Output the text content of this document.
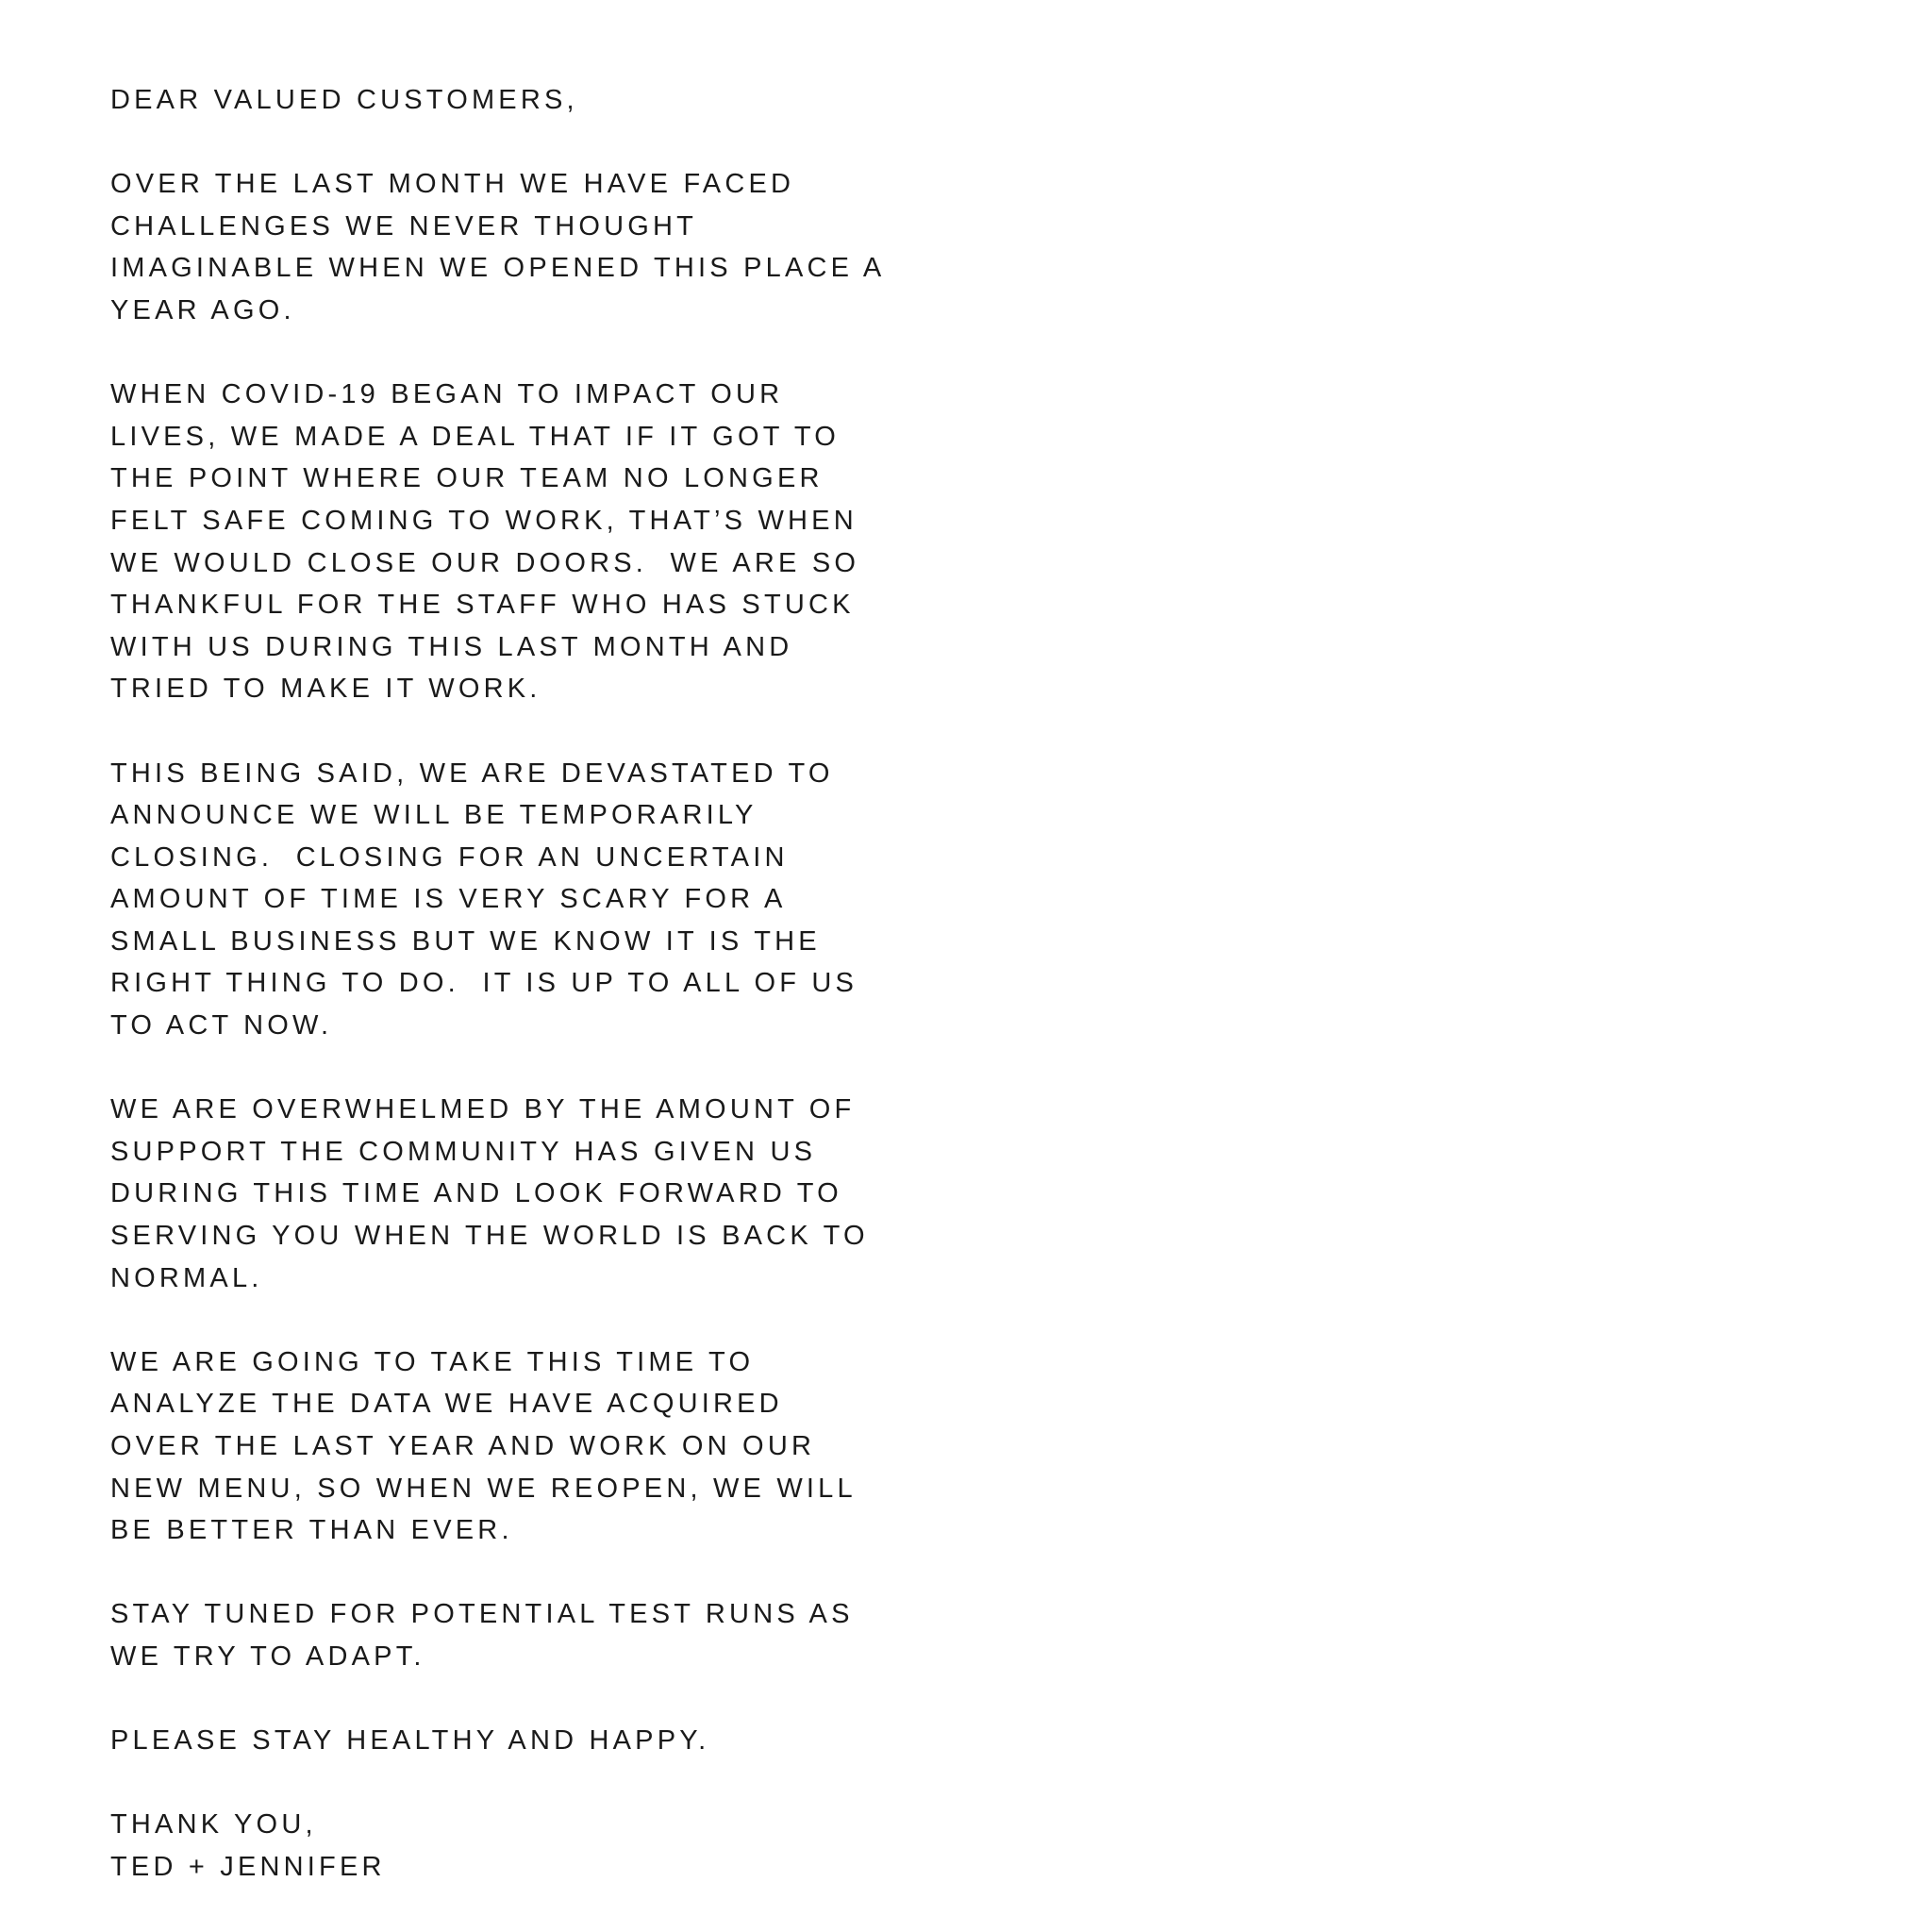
DEAR VALUED CUSTOMERS,
OVER THE LAST MONTH WE HAVE FACED
CHALLENGES WE NEVER THOUGHT
IMAGINABLE WHEN WE OPENED THIS PLACE A
YEAR AGO.
WHEN COVID-19 BEGAN TO IMPACT OUR
LIVES, WE MADE A DEAL THAT IF IT GOT TO
THE POINT WHERE OUR TEAM NO LONGER
FELT SAFE COMING TO WORK, THAT’S WHEN
WE WOULD CLOSE OUR DOORS.  WE ARE SO
THANKFUL FOR THE STAFF WHO HAS STUCK
WITH US DURING THIS LAST MONTH AND
TRIED TO MAKE IT WORK.
THIS BEING SAID, WE ARE DEVASTATED TO
ANNOUNCE WE WILL BE TEMPORARILY
CLOSING.  CLOSING FOR AN UNCERTAIN
AMOUNT OF TIME IS VERY SCARY FOR A
SMALL BUSINESS BUT WE KNOW IT IS THE
RIGHT THING TO DO.  IT IS UP TO ALL OF US
TO ACT NOW.
WE ARE OVERWHELMED BY THE AMOUNT OF
SUPPORT THE COMMUNITY HAS GIVEN US
DURING THIS TIME AND LOOK FORWARD TO
SERVING YOU WHEN THE WORLD IS BACK TO
NORMAL.
WE ARE GOING TO TAKE THIS TIME TO
ANALYZE THE DATA WE HAVE ACQUIRED
OVER THE LAST YEAR AND WORK ON OUR
NEW MENU, SO WHEN WE REOPEN, WE WILL
BE BETTER THAN EVER.
STAY TUNED FOR POTENTIAL TEST RUNS AS
WE TRY TO ADAPT.
PLEASE STAY HEALTHY AND HAPPY.
THANK YOU,
TED + JENNIFER
